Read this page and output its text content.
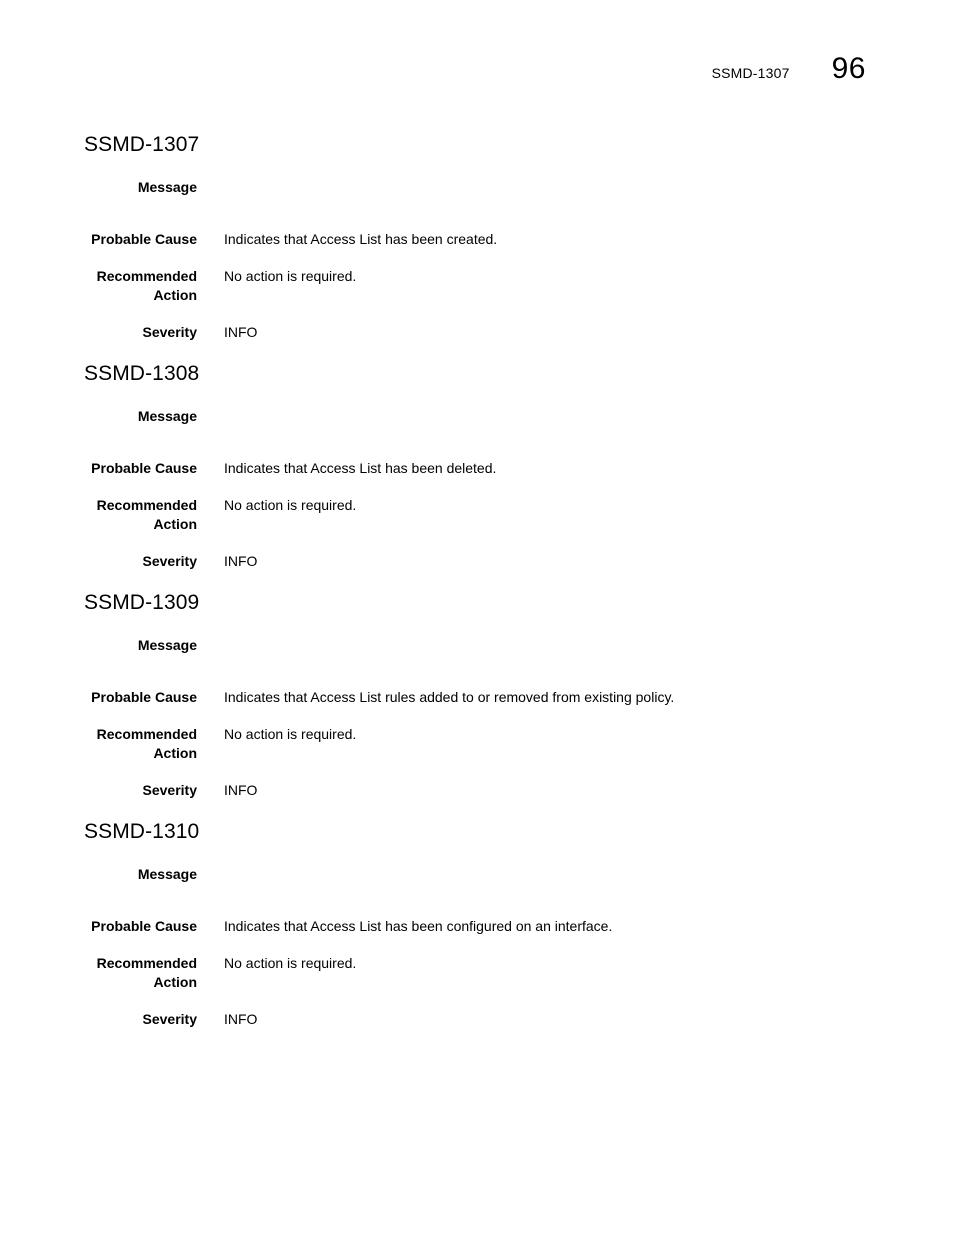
SSMD-1307 96
SSMD-1307
Message
Probable Cause Indicates that Access List has been created.
Recommended
Action
No action is required.
Severity INFO
SSMD-1308
Message
Probable Cause Indicates that Access List has been deleted.
Recommended
Action
No action is required.
Severity INFO
SSMD-1309
Message
Probable Cause Indicates that Access List rules added to or removed from existing policy.
Recommended
Action
No action is required.
Severity INFO
SSMD-1310
Message
Probable Cause Indicates that Access List has been configured on an interface.
Recommended
Action
No action is required.
Severity INFO
